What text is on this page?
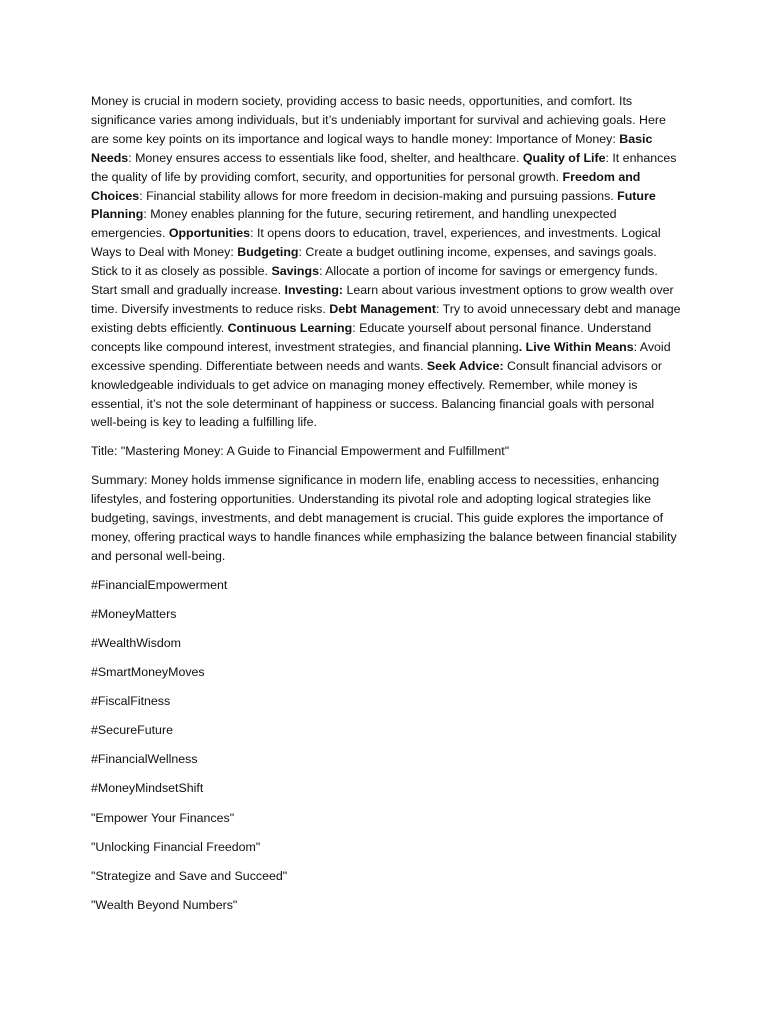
Money is crucial in modern society, providing access to basic needs, opportunities, and comfort. Its significance varies among individuals, but it’s undeniably important for survival and achieving goals. Here are some key points on its importance and logical ways to handle money: Importance of Money: Basic Needs: Money ensures access to essentials like food, shelter, and healthcare. Quality of Life: It enhances the quality of life by providing comfort, security, and opportunities for personal growth. Freedom and Choices: Financial stability allows for more freedom in decision-making and pursuing passions. Future Planning: Money enables planning for the future, securing retirement, and handling unexpected emergencies. Opportunities: It opens doors to education, travel, experiences, and investments. Logical Ways to Deal with Money: Budgeting: Create a budget outlining income, expenses, and savings goals. Stick to it as closely as possible. Savings: Allocate a portion of income for savings or emergency funds. Start small and gradually increase. Investing: Learn about various investment options to grow wealth over time. Diversify investments to reduce risks. Debt Management: Try to avoid unnecessary debt and manage existing debts efficiently. Continuous Learning: Educate yourself about personal finance. Understand concepts like compound interest, investment strategies, and financial planning. Live Within Means: Avoid excessive spending. Differentiate between needs and wants. Seek Advice: Consult financial advisors or knowledgeable individuals to get advice on managing money effectively. Remember, while money is essential, it’s not the sole determinant of happiness or success. Balancing financial goals with personal well-being is key to leading a fulfilling life.

Title: "Mastering Money: A Guide to Financial Empowerment and Fulfillment"

Summary: Money holds immense significance in modern life, enabling access to necessities, enhancing lifestyles, and fostering opportunities. Understanding its pivotal role and adopting logical strategies like budgeting, savings, investments, and debt management is crucial. This guide explores the importance of money, offering practical ways to handle finances while emphasizing the balance between financial stability and personal well-being.

#FinancialEmpowerment

#MoneyMatters

#WealthWisdom

#SmartMoneyMoves

#FiscalFitness

#SecureFuture

#FinancialWellness

#MoneyMindsetShift

"Empower Your Finances"

"Unlocking Financial Freedom"

"Strategize and Save and Succeed"

"Wealth Beyond Numbers"
